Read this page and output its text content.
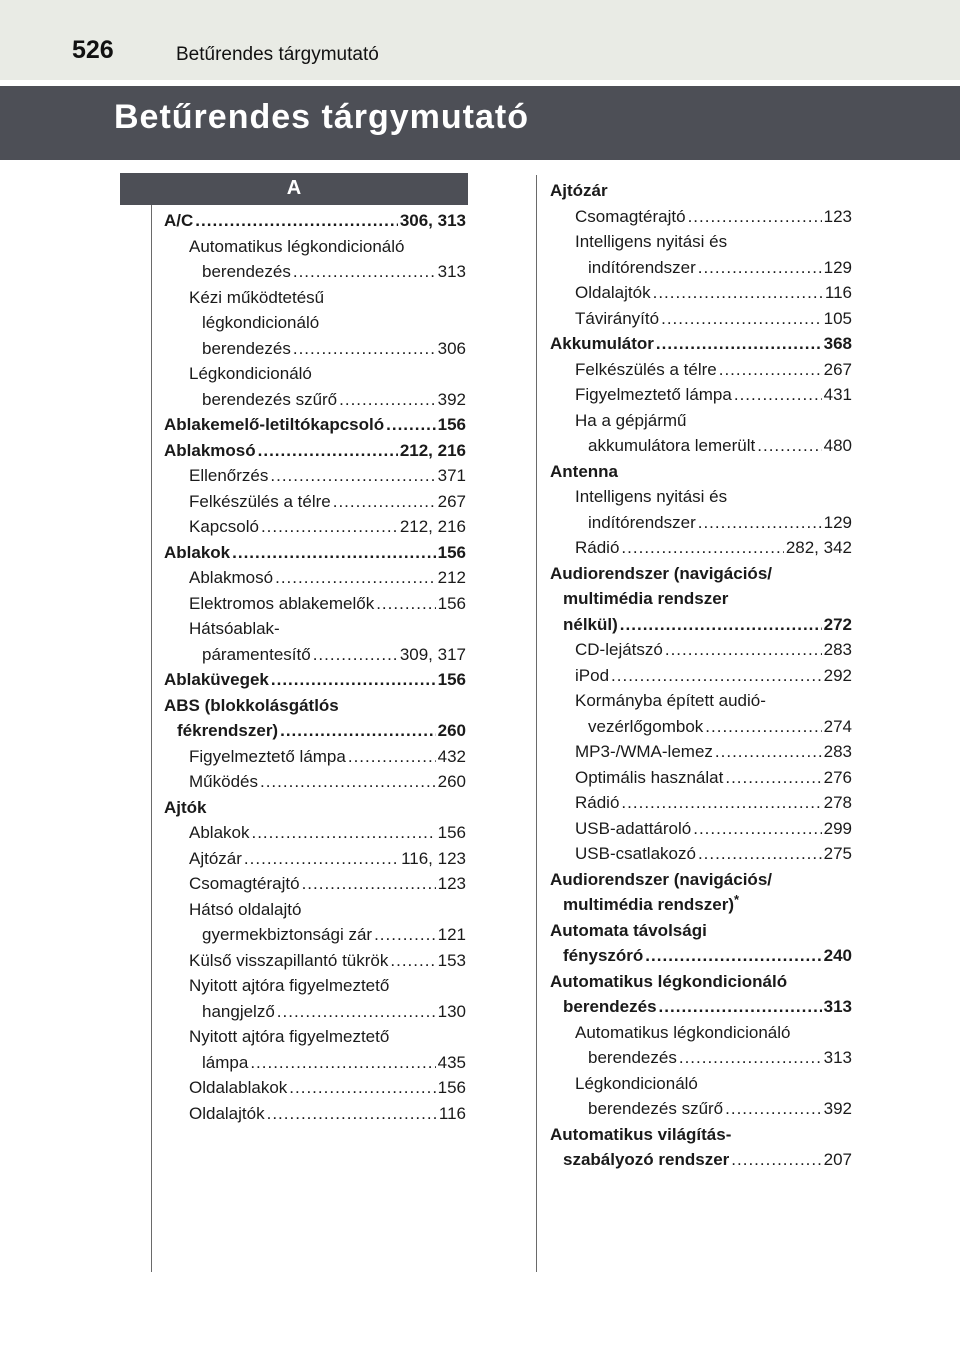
526	Betűrendes tárgymutató
Betűrendes tárgymutató
A
A/C .....	306, 313
Automatikus légkondicionáló
berendezés .....	313
Kézi működtetésű
légkondicionáló
berendezés .....	306
Légkondicionáló
berendezés szűrő .....	392
Ablakemelő-letiltókapcsoló .....	156
Ablakmosó .....	212, 216
Ellenőrzés .....	371
Felkészülés a télre .....	267
Kapcsoló .....	212, 216
Ablakok .....	156
Ablakmosó .....	212
Elektromos ablakemelők .....	156
Hátsóablak-
páramentesítő .....	309, 317
Ablaküvegek .....	156
ABS (blokkolásgátlós
fékrendszer) .....	260
Figyelmeztető lámpa .....	432
Működés .....	260
Ajtók
Ablakok .....	156
Ajtózár .....	116, 123
Csomagtérajtó .....	123
Hátsó oldalajtó
gyermekbiztonsági zár .....	121
Külső visszapillantó tükrök .....	153
Nyitott ajtóra figyelmeztető
hangjelző .....	130
Nyitott ajtóra figyelmeztető
lámpa .....	435
Oldalablakok .....	156
Oldalajtók .....	116
Ajtózár
Csomagtérajtó .....	123
Intelligens nyitási és
indítórendszer .....	129
Oldalajtók .....	116
Távirányító .....	105
Akkumulátor .....	368
Felkészülés a télre .....	267
Figyelmeztető lámpa .....	431
Ha a gépjármű
akkumulátora lemerült .....	480
Antenna
Intelligens nyitási és
indítórendszer .....	129
Rádió .....	282, 342
Audiorendszer (navigációs/
multimédia rendszer
nélkül) .....	272
CD-lejátszó .....	283
iPod .....	292
Kormányba épített audió-
vezérlőgombok .....	274
MP3-/WMA-lemez .....	283
Optimális használat .....	276
Rádió .....	278
USB-adattároló .....	299
USB-csatlakozó .....	275
Audiorendszer (navigációs/
multimédia rendszer) *
Automata távolsági
fényszóró .....	240
Automatikus légkondicionáló
berendezés .....	313
Automatikus légkondicionáló
berendezés .....	313
Légkondicionáló
berendezés szűrő .....	392
Automatikus világítás-
szabályozó rendszer .....	207
